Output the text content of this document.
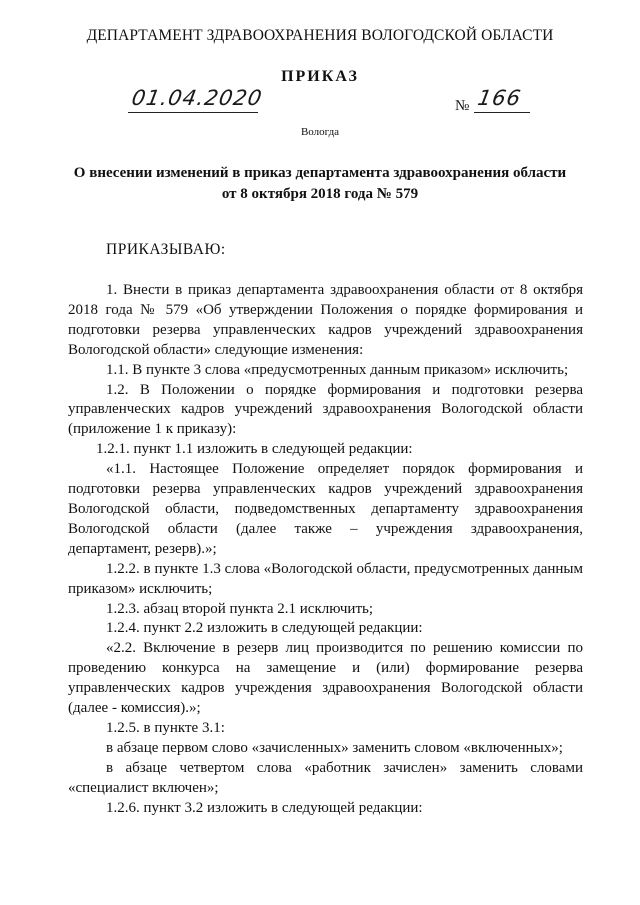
ДЕПАРТАМЕНТ ЗДРАВООХРАНЕНИЯ ВОЛОГОДСКОЙ ОБЛАСТИ
ПРИКАЗ
01.04.2020	№ 166
Вологда
О внесении изменений в приказ департамента здравоохранения области
от 8 октября 2018 года № 579
ПРИКАЗЫВАЮ:

1. Внести в приказ департамента здравоохранения области от 8 октября 2018 года № 579 «Об утверждении Положения о порядке формирования и подготовки резерва управленческих кадров учреждений здравоохранения Вологодской области» следующие изменения:

1.1. В пункте 3 слова «предусмотренных данным приказом» исключить;

1.2. В Положении о порядке формирования и подготовки резерва управленческих кадров учреждений здравоохранения Вологодской области (приложение 1 к приказу):

1.2.1. пункт 1.1 изложить в следующей редакции:

«1.1. Настоящее Положение определяет порядок формирования и подготовки резерва управленческих кадров учреждений здравоохранения Вологодской области, подведомственных департаменту здравоохранения Вологодской области (далее также – учреждения здравоохранения, департамент, резерв).»;

1.2.2. в пункте 1.3 слова «Вологодской области, предусмотренных данным приказом» исключить;

1.2.3. абзац второй пункта 2.1 исключить;

1.2.4. пункт 2.2 изложить в следующей редакции:

«2.2. Включение в резерв лиц производится по решению комиссии по проведению конкурса на замещение и (или) формирование резерва управленческих кадров учреждения здравоохранения Вологодской области (далее - комиссия).»;

1.2.5. в пункте 3.1:

в абзаце первом слово «зачисленных» заменить словом «включенных»;

в абзаце четвертом слова «работник зачислен» заменить словами «специалист включен»;

1.2.6. пункт 3.2 изложить в следующей редакции:
